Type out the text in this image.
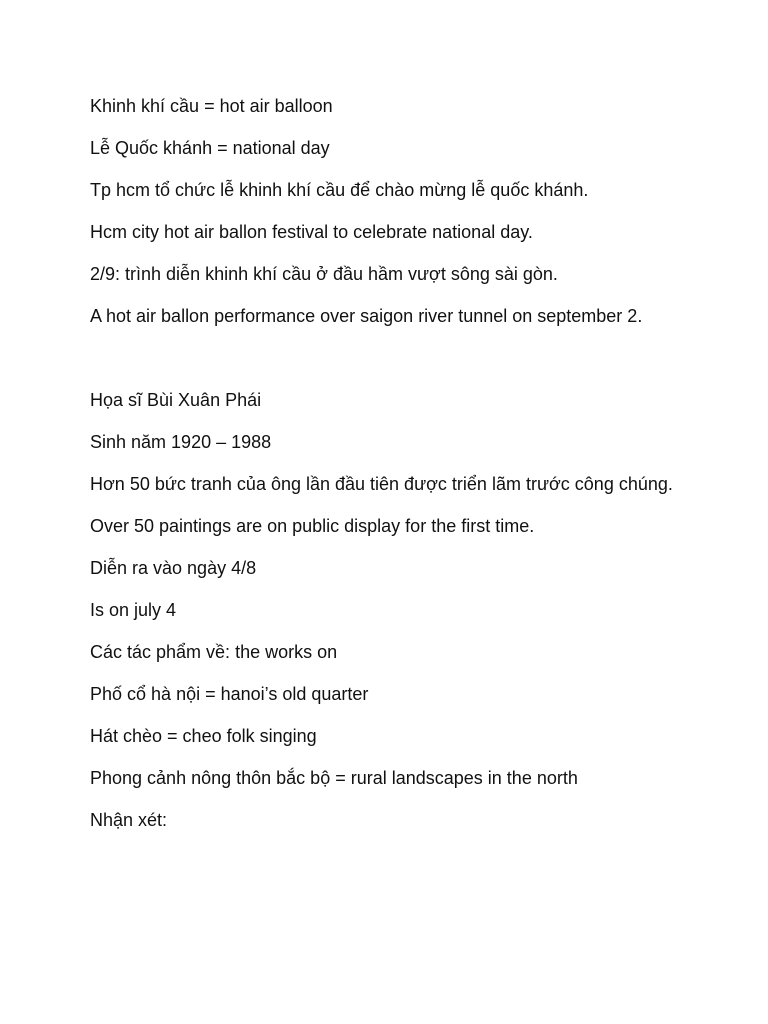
Khinh khí cầu = hot air balloon

Lễ Quốc khánh = national day

Tp hcm tổ chức lễ khinh khí cầu để chào mừng lễ quốc khánh.

Hcm city hot air ballon festival to celebrate national day.

2/9: trình diễn khinh khí cầu ở đầu hầm vượt sông sài gòn.

A hot air ballon performance over saigon river tunnel on september 2.

Họa sĩ Bùi Xuân Phái

Sinh năm 1920 – 1988

Hơn 50 bức tranh của ông lần đầu tiên được triển lãm trước công chúng.

Over 50 paintings are on public display for the first time.

Diễn ra vào ngày 4/8

Is on july 4

Các tác phẩm về: the works on

Phố cổ hà nội = hanoi’s old quarter

Hát chèo = cheo folk singing

Phong cảnh nông thôn bắc bộ = rural landscapes in the north

Nhận xét:
